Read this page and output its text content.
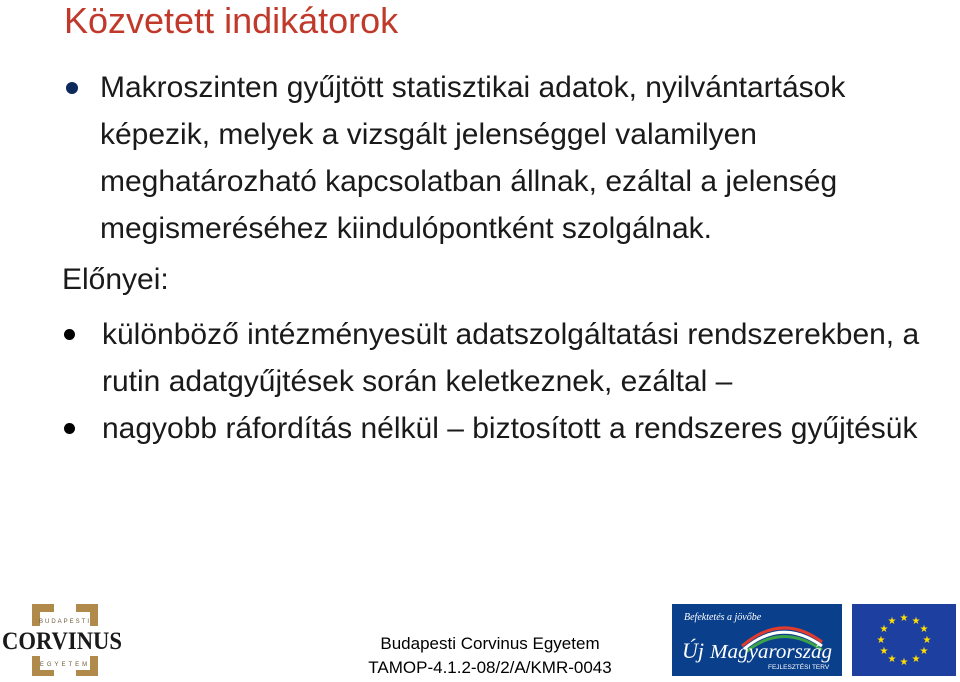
Közvetett indikátorok

Makroszinten gyűjtött statisztikai adatok, nyilvántartások képezik, melyek a vizsgált jelenséggel valamilyen meghatározható kapcsolatban állnak, ezáltal a jelenség megismeréséhez kiindulópontként szolgálnak.

Előnyei:

különböző intézményesült adatszolgáltatási rendszerekben, a rutin adatgyűjtések során keletkeznek, ezáltal –

nagyobb ráfordítás nélkül – biztosított a rendszeres gyűjtésük

BUDAPESTI
CORVINUS
EGYETEM
Budapesti Corvinus Egyetem
TAMOP-4.1.2-08/2/A/KMR-0043
Befektetés a jövőbe
Új Magyarország
FEJLESZTÉSI TERV
★ ★
★
★
★
★
★
★
★
★
★
★
